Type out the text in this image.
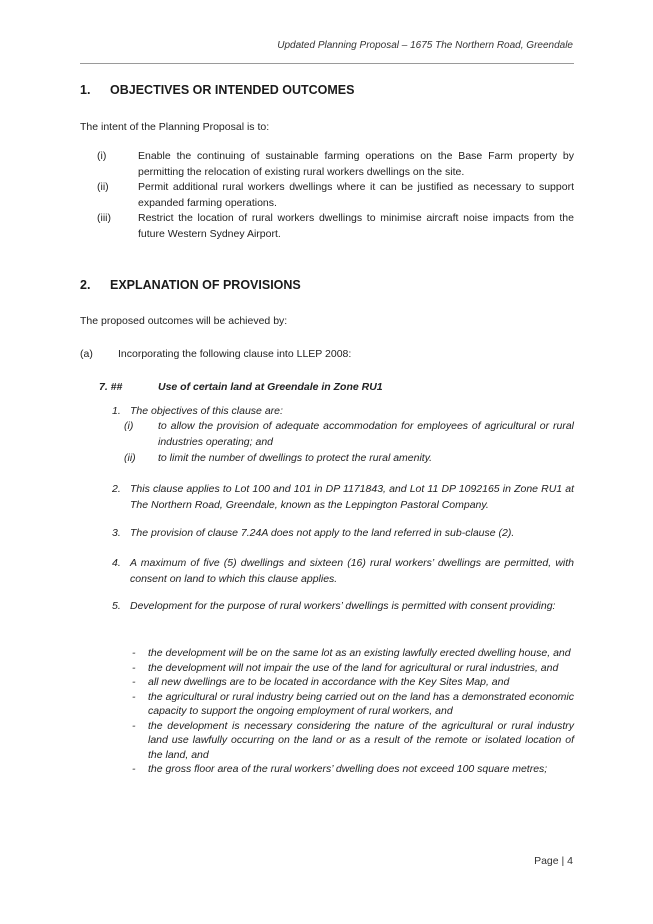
Updated Planning Proposal – 1675 The Northern Road, Greendale
1. OBJECTIVES OR INTENDED OUTCOMES
The intent of the Planning Proposal is to:
(i)	Enable the continuing of sustainable farming operations on the Base Farm property by permitting the relocation of existing rural workers dwellings on the site.
(ii)	Permit additional rural workers dwellings where it can be justified as necessary to support expanded farming operations.
(iii)	Restrict the location of rural workers dwellings to minimise aircraft noise impacts from the future Western Sydney Airport.
2. EXPLANATION OF PROVISIONS
The proposed outcomes will be achieved by:
(a) Incorporating the following clause into LLEP 2008:
7. ##	Use of certain land at Greendale in Zone RU1
1. The objectives of this clause are:
(i) to allow the provision of adequate accommodation for employees of agricultural or rural industries operating; and
(ii) to limit the number of dwellings to protect the rural amenity.
2. This clause applies to Lot 100 and 101 in DP 1171843, and Lot 11 DP 1092165 in Zone RU1 at The Northern Road, Greendale, known as the Leppington Pastoral Company.
3. The provision of clause 7.24A does not apply to the land referred in sub-clause (2).
4. A maximum of five (5) dwellings and sixteen (16) rural workers’ dwellings are permitted, with consent on land to which this clause applies.
5. Development for the purpose of rural workers’ dwellings is permitted with consent providing:
- the development will be on the same lot as an existing lawfully erected dwelling house, and
- the development will not impair the use of the land for agricultural or rural industries, and
- all new dwellings are to be located in accordance with the Key Sites Map, and
- the agricultural or rural industry being carried out on the land has a demonstrated economic capacity to support the ongoing employment of rural workers, and
- the development is necessary considering the nature of the agricultural or rural industry land use lawfully occurring on the land or as a result of the remote or isolated location of the land, and
- the gross floor area of the rural workers’ dwelling does not exceed 100 square metres;
Page | 4
